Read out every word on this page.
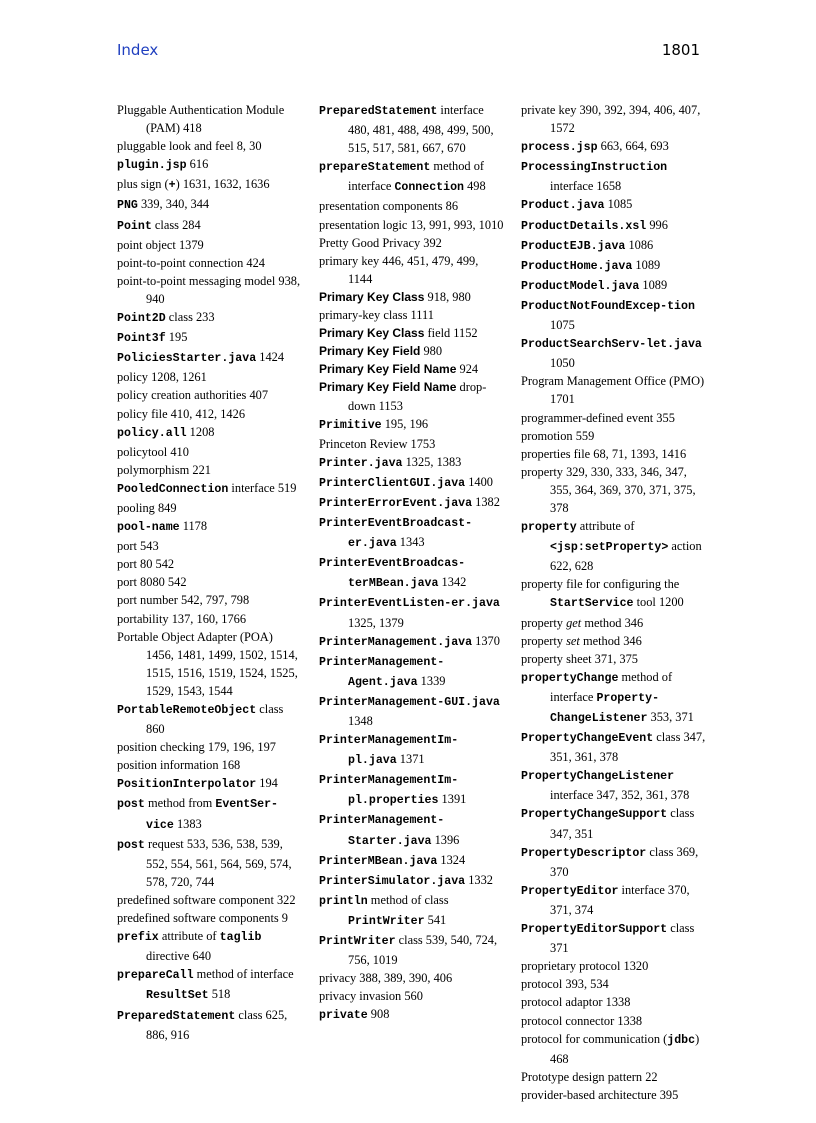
Index	1801
Pluggable Authentication Module (PAM) 418
pluggable look and feel 8, 30
plugin.jsp 616
plus sign (+) 1631, 1632, 1636
PNG 339, 340, 344
Point class 284
point object 1379
point-to-point connection 424
point-to-point messaging model 938, 940
Point2D class 233
Point3f 195
PoliciesStarter.java 1424
policy 1208, 1261
policy creation authorities 407
policy file 410, 412, 1426
policy.all 1208
policytool 410
polymorphism 221
PooledConnection interface 519
pooling 849
pool-name 1178
port 543
port 80 542
port 8080 542
port number 542, 797, 798
portability 137, 160, 1766
Portable Object Adapter (POA) 1456, 1481, 1499, 1502, 1514, 1515, 1516, 1519, 1524, 1525, 1529, 1543, 1544
PortableRemoteObject class 860
position checking 179, 196, 197
position information 168
PositionInterpolator 194
post method from EventSer-vice 1383
post request 533, 536, 538, 539, 552, 554, 561, 564, 569, 574, 578, 720, 744
predefined software component 322
predefined software components 9
prefix attribute of taglib directive 640
prepareCall method of interface ResultSet 518
PreparedStatement class 625, 886, 916
PreparedStatement interface 480, 481, 488, 498, 499, 500, 515, 517, 581, 667, 670
prepareStatement method of interface Connection 498
presentation components 86
presentation logic 13, 991, 993, 1010
Pretty Good Privacy 392
primary key 446, 451, 479, 499, 1144
Primary Key Class 918, 980
primary-key class 1111
Primary Key Class field 1152
Primary Key Field 980
Primary Key Field Name 924
Primary Key Field Name drop-down 1153
Primitive 195, 196
Princeton Review 1753
Printer.java 1325, 1383
PrinterClientGUI.java 1400
PrinterErrorEvent.java 1382
PrinterEventBroadcast-er.java 1343
PrinterEventBroadcas-terMBean.java 1342
PrinterEventListen-er.java 1325, 1379
PrinterManagement.java 1370
PrinterManagement-Agent.java 1339
PrinterManagement-GUI.java 1348
PrinterManagementIm-pl.java 1371
PrinterManagementIm-pl.properties 1391
PrinterManagement-Starter.java 1396
PrinterMBean.java 1324
PrinterSimulator.java 1332
println method of class PrintWriter 541
PrintWriter class 539, 540, 724, 756, 1019
privacy 388, 389, 390, 406
privacy invasion 560
private 908
private key 390, 392, 394, 406, 407, 1572
process.jsp 663, 664, 693
ProcessingInstruction interface 1658
Product.java 1085
ProductDetails.xsl 996
ProductEJB.java 1086
ProductHome.java 1089
ProductModel.java 1089
ProductNotFoundExcep-tion 1075
ProductSearchServ-let.java 1050
Program Management Office (PMO) 1701
programmer-defined event 355
promotion 559
properties file 68, 71, 1393, 1416
property 329, 330, 333, 346, 347, 355, 364, 369, 370, 371, 375, 378
property attribute of <jsp:setProperty> action 622, 628
property file for configuring the StartService tool 1200
property get method 346
property set method 346
property sheet 371, 375
propertyChange method of interface Property-ChangeListener 353, 371
PropertyChangeEvent class 347, 351, 361, 378
PropertyChangeListener interface 347, 352, 361, 378
PropertyChangeSupport class 347, 351
PropertyDescriptor class 369, 370
PropertyEditor interface 370, 371, 374
PropertyEditorSupport class 371
proprietary protocol 1320
protocol 393, 534
protocol adaptor 1338
protocol connector 1338
protocol for communication (jdbc) 468
Prototype design pattern 22
provider-based architecture 395
